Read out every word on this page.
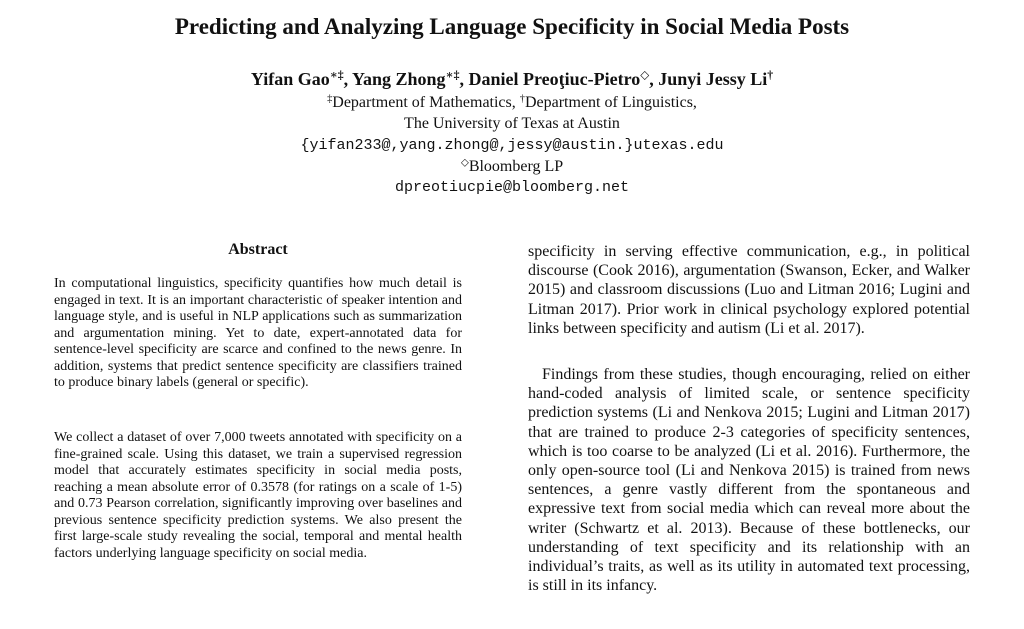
Predicting and Analyzing Language Specificity in Social Media Posts
Yifan Gao∗‡, Yang Zhong∗‡, Daniel Preoţiuc-Pietro◇, Junyi Jessy Li†
‡Department of Mathematics, †Department of Linguistics,
The University of Texas at Austin
{yifan233@,yang.zhong@,jessy@austin.}utexas.edu
◇Bloomberg LP
dpreotiucpie@bloomberg.net
Abstract

In computational linguistics, specificity quantifies how much detail is engaged in text. It is an important characteristic of speaker intention and language style, and is useful in NLP applications such as summarization and argumentation mining. Yet to date, expert-annotated data for sentence-level specificity are scarce and confined to the news genre. In addition, systems that predict sentence specificity are classifiers trained to produce binary labels (general or specific).

We collect a dataset of over 7,000 tweets annotated with specificity on a fine-grained scale. Using this dataset, we train a supervised regression model that accurately estimates specificity in social media posts, reaching a mean absolute error of 0.3578 (for ratings on a scale of 1-5) and 0.73 Pearson correlation, significantly improving over baselines and previous sentence specificity prediction systems. We also present the first large-scale study revealing the social, temporal and mental health factors underlying language specificity on social media.

specificity in serving effective communication, e.g., in political discourse (Cook 2016), argumentation (Swanson, Ecker, and Walker 2015) and classroom discussions (Luo and Litman 2016; Lugini and Litman 2017). Prior work in clinical psychology explored potential links between specificity and autism (Li et al. 2017).

Findings from these studies, though encouraging, relied on either hand-coded analysis of limited scale, or sentence specificity prediction systems (Li and Nenkova 2015; Lugini and Litman 2017) that are trained to produce 2-3 categories of specificity sentences, which is too coarse to be analyzed (Li et al. 2016). Furthermore, the only open-source tool (Li and Nenkova 2015) is trained from news sentences, a genre vastly different from the spontaneous and expressive text from social media which can reveal more about the writer (Schwartz et al. 2013). Because of these bottlenecks, our understanding of text specificity and its relationship with an individual’s traits, as well as its utility in automated text processing, is still in its infancy.
